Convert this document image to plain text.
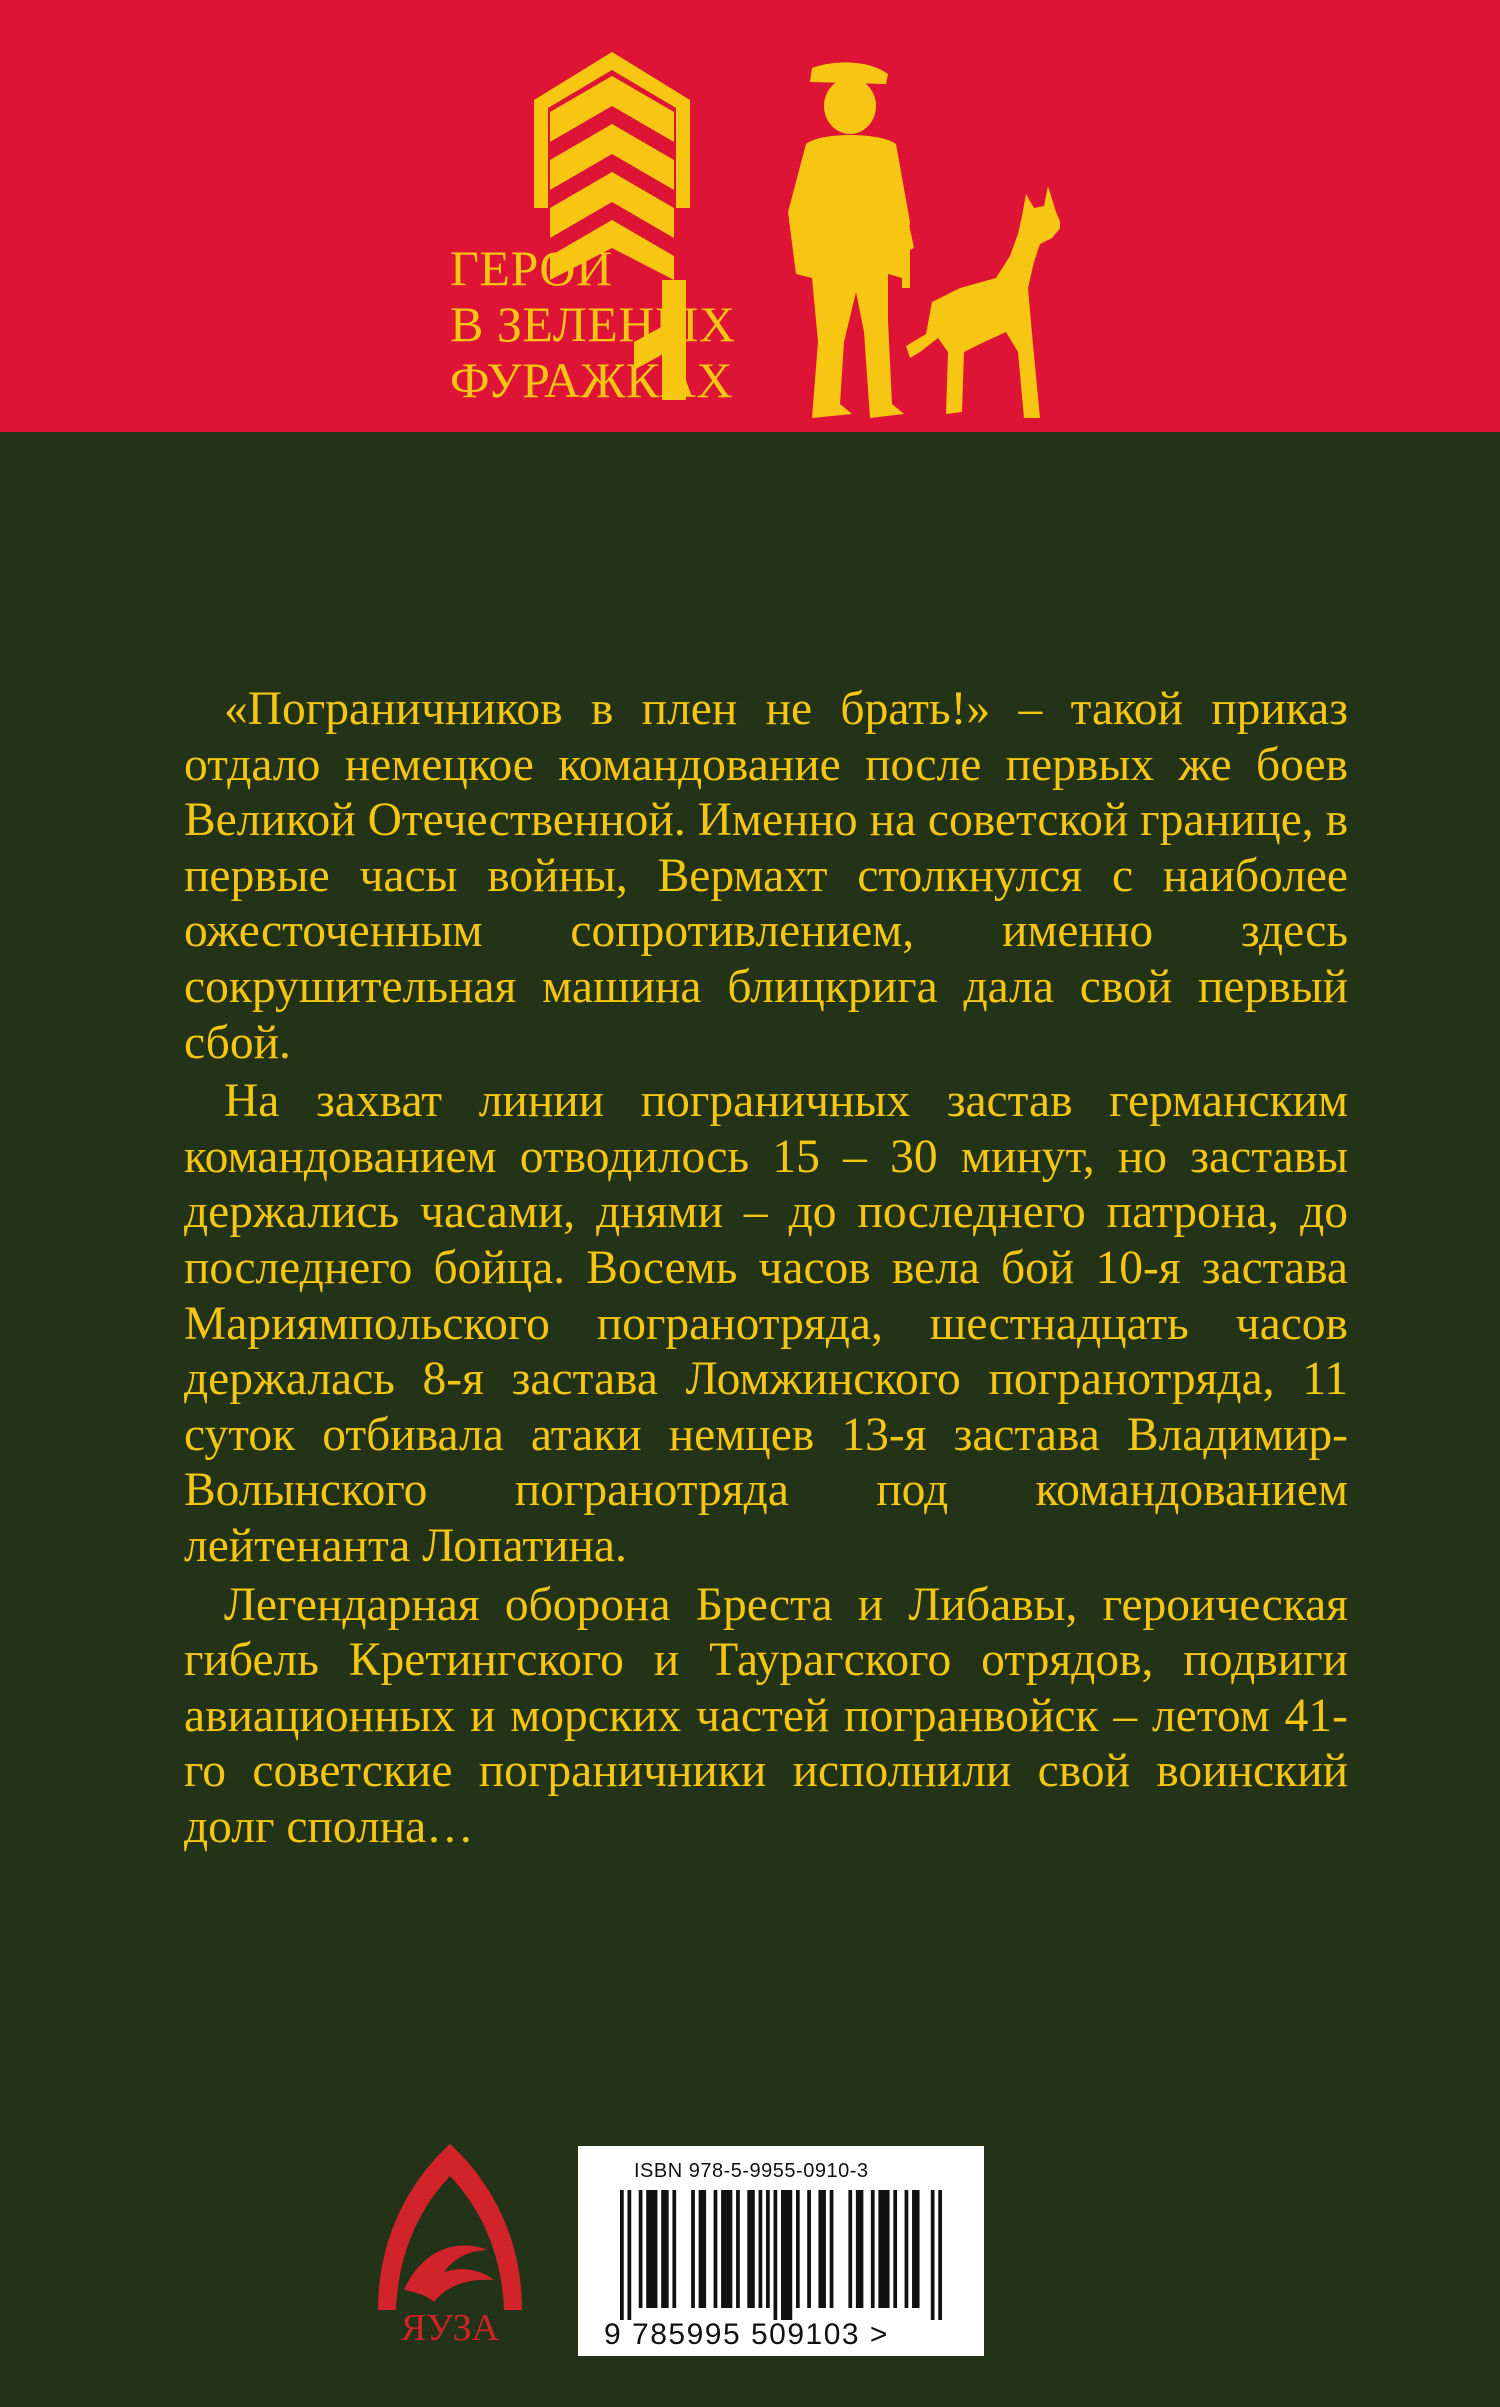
ГЕРОИ
В ЗЕЛЕНЫХ
ФУРАЖКАХ

«Пограничников в плен не брать!» – такой приказ отдало немецкое командование после первых же боев Великой Отечественной. Именно на советской границе, в первые часы войны, Вермахт столкнулся с наиболее ожесточенным сопротивлением, именно здесь сокрушительная машина блицкрига дала свой первый сбой.

На захват линии пограничных застав германским командованием отводилось 15 – 30 минут, но заставы держались часами, днями – до последнего патрона, до последнего бойца. Восемь часов вела бой 10-я застава Мариямпольского погранотряда, шестнадцать часов держалась 8-я застава Ломжинского погранотряда, 11 суток отбивала атаки немцев 13-я застава Владимир-Волынского погранотряда под командованием лейтенанта Лопатина.

Легендарная оборона Бреста и Либавы, героическая гибель Кретингского и Таурагского отрядов, подвиги авиационных и морских частей погранвойск – летом 41-го советские пограничники исполнили свой воинский долг сполна…

ЯУЗА
ISBN 978-5-9955-0910-3
9 785995 509103 >
